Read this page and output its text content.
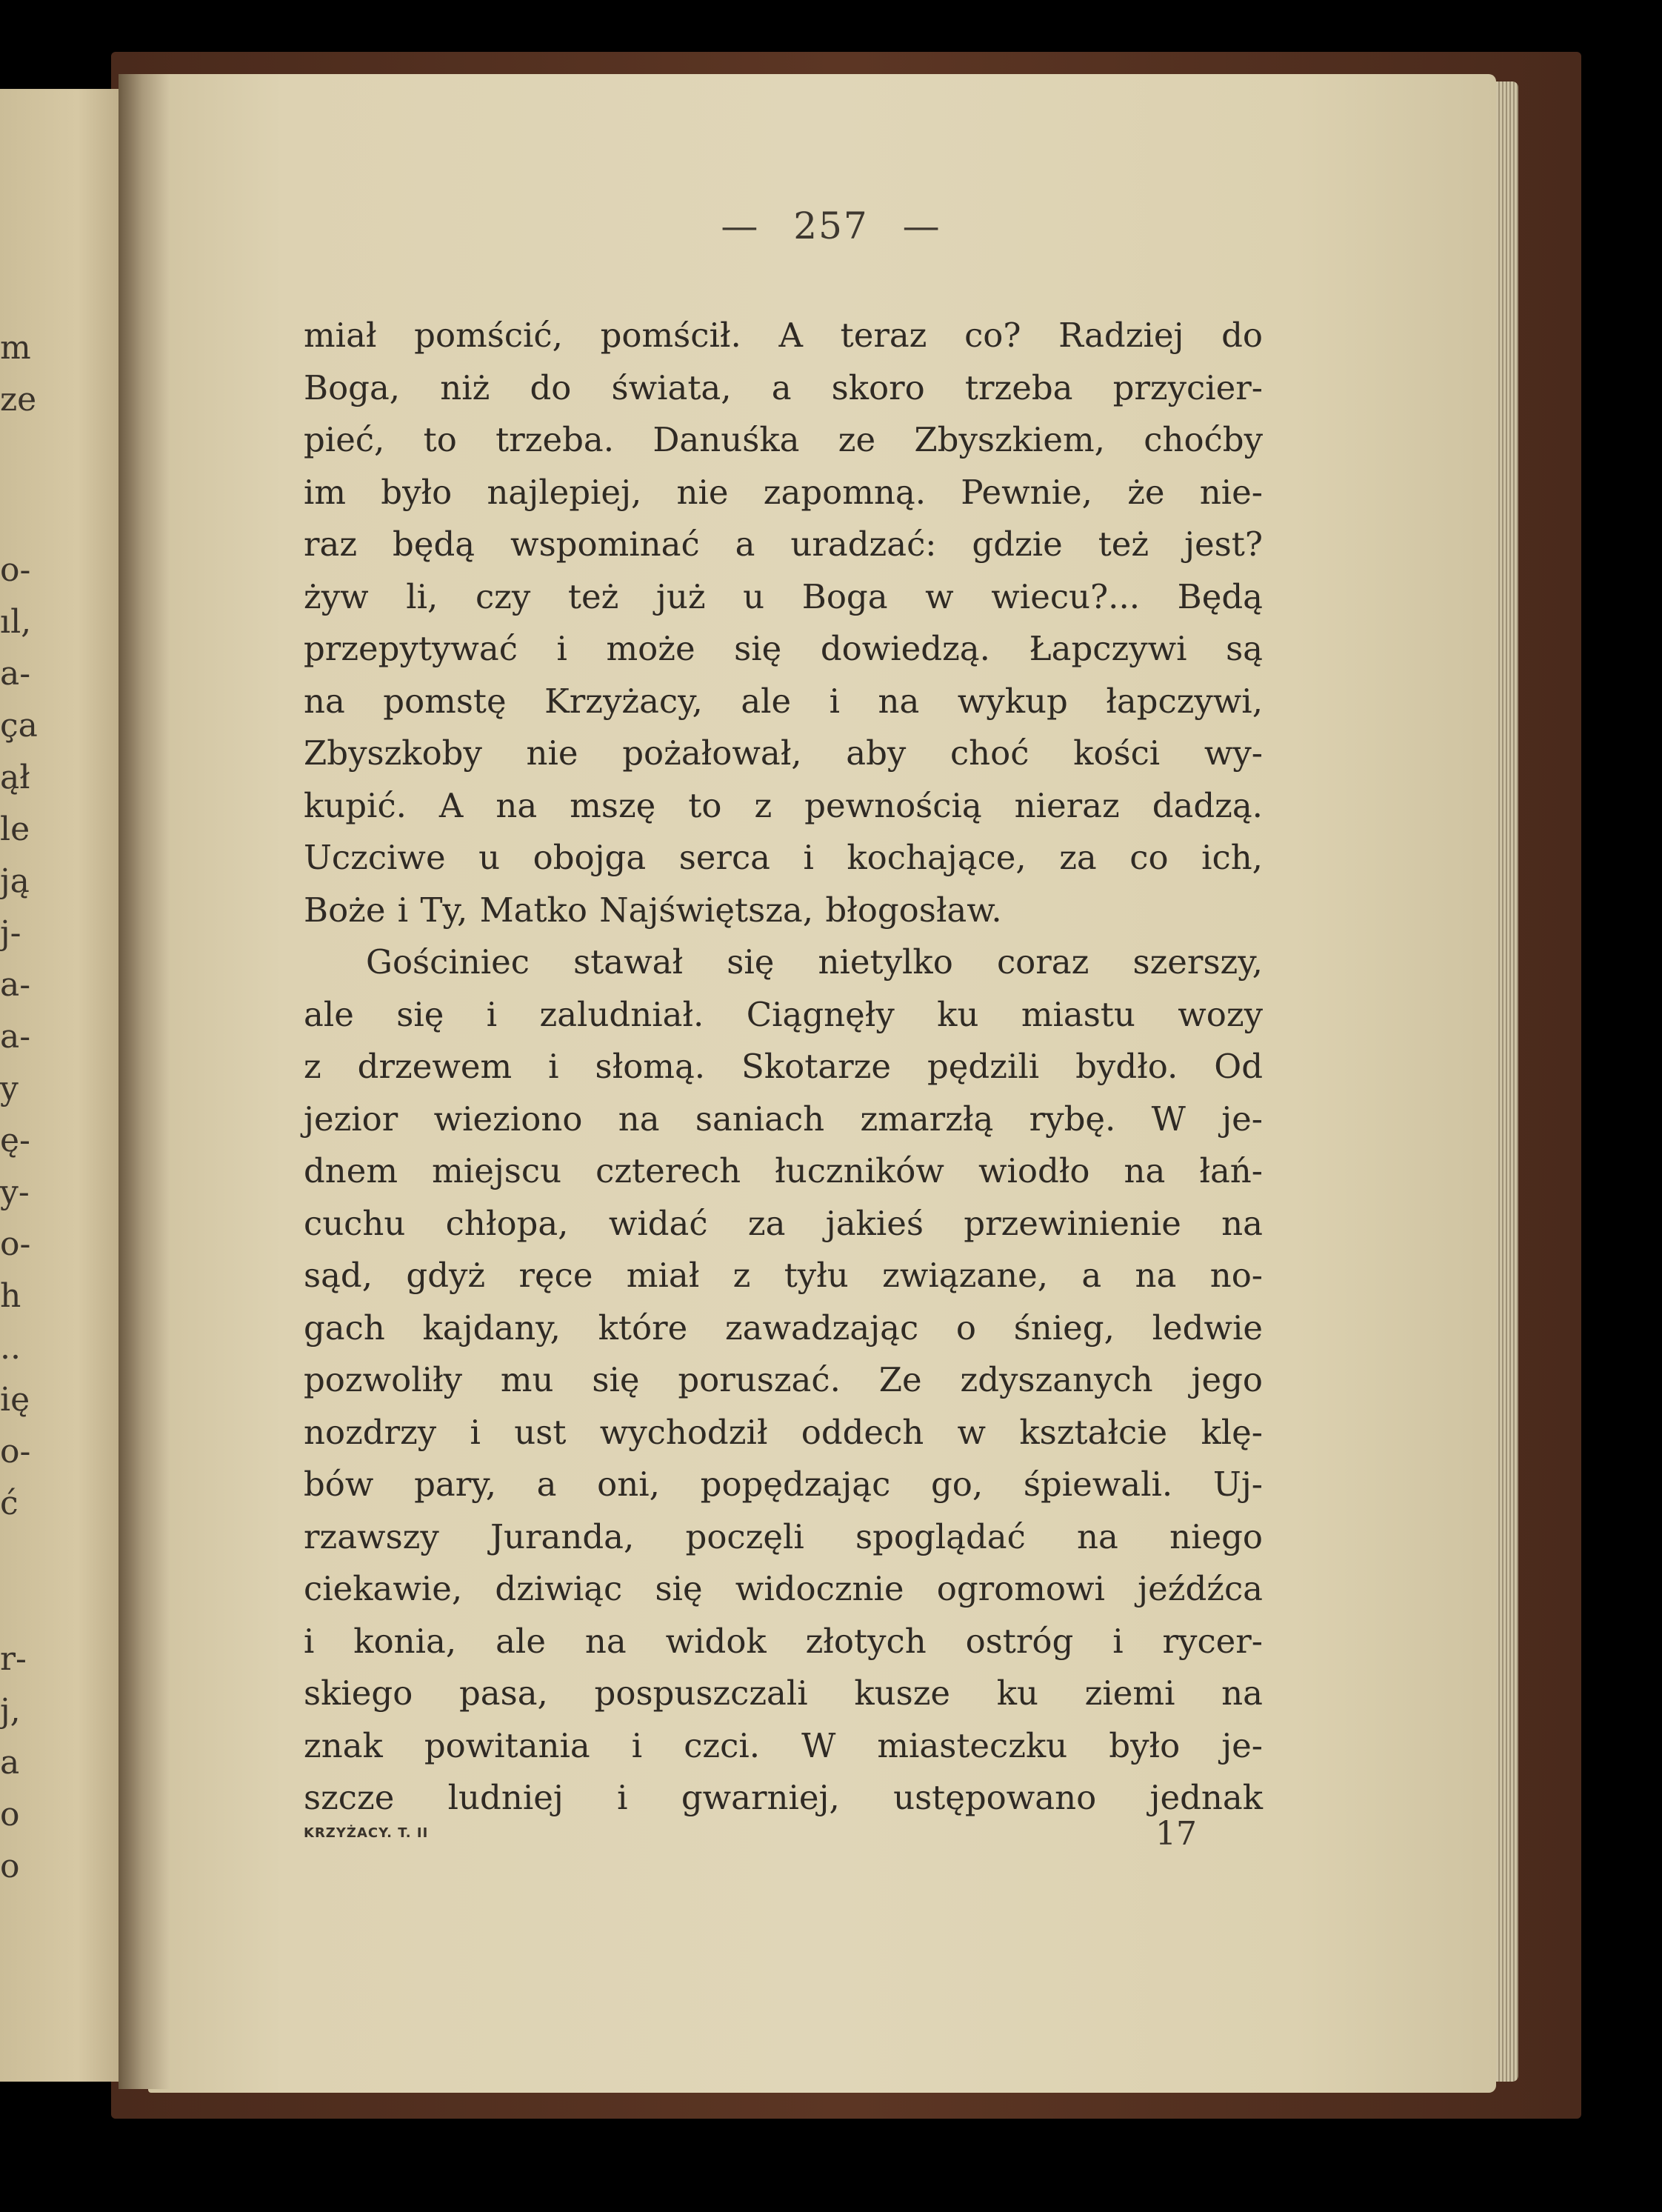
m
ze
o-
ıl,
a-
ça
ął
le
ją
j-
a-
a-
y
ę-
y-
o-
h
..
ię
o-
ć
r-
j,
a
o
o
— 257 —
miał pomścić, pomścił. A teraz co? Radziej do
Boga, niż do świata, a skoro trzeba przycier-
pieć, to trzeba. Danuśka ze Zbyszkiem, choćby
im było najlepiej, nie zapomną. Pewnie, że nie-
raz będą wspominać a uradzać: gdzie też jest?
żyw li, czy też już u Boga w wiecu?... Będą
przepytywać i może się dowiedzą. Łapczywi są
na pomstę Krzyżacy, ale i na wykup łapczywi,
Zbyszkoby nie pożałował, aby choć kości wy-
kupić. A na mszę to z pewnością nieraz dadzą.
Uczciwe u obojga serca i kochające, za co ich,
Boże i Ty, Matko Najświętsza, błogosław.
Gościniec stawał się nietylko coraz szerszy,
ale się i zaludniał. Ciągnęły ku miastu wozy
z drzewem i słomą. Skotarze pędzili bydło. Od
jezior wieziono na saniach zmarzłą rybę. W je-
dnem miejscu czterech łuczników wiodło na łań-
cuchu chłopa, widać za jakieś przewinienie na
sąd, gdyż ręce miał z tyłu związane, a na no-
gach kajdany, które zawadzając o śnieg, ledwie
pozwoliły mu się poruszać. Ze zdyszanych jego
nozdrzy i ust wychodził oddech w kształcie klę-
bów pary, a oni, popędzając go, śpiewali. Uj-
rzawszy Juranda, poczęli spoglądać na niego
ciekawie, dziwiąc się widocznie ogromowi jeźdźca
i konia, ale na widok złotych ostróg i rycer-
skiego pasa, pospuszczali kusze ku ziemi na
znak powitania i czci. W miasteczku było je-
szcze ludniej i gwarniej, ustępowano jednak
KRZYŻACY. T. II	17
